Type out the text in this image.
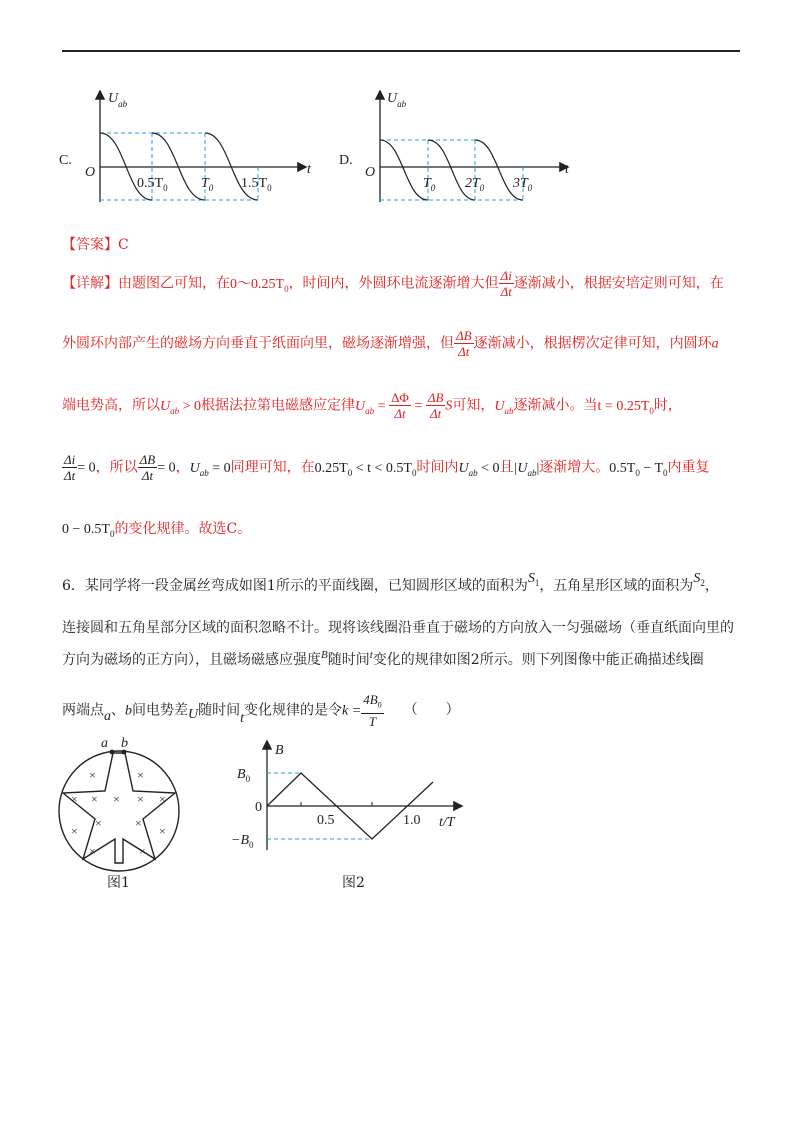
C.
$U_{ab}$
O	t
$0.5T_0$ $T_0$ $1.5T_0$
D.
$U_{ab}$
O	t
$T_0$ $2T_0$ $3T_0$
【答案】C
【详解】由题图乙可知，在$0\sim 0.25T_0$，时间内，外圆环电流逐渐增大但 $\frac{\Delta i}{\Delta t}$ 逐渐减小，根据安培定则可知，在
外圆环内部产生的磁场方向垂直于纸面向里，磁场逐渐增强，但 $\frac{\Delta B}{\Delta t}$ 逐渐减小，根据楞次定律可知，内圆环a
端电势高，所以$U_{ab} > 0$根据法拉第电磁感应定律$U_{ab} = \frac{\Delta\Phi}{\Delta t} = \frac{\Delta B}{\Delta t}$ S可知，$U_{ab}$逐渐减小。当$t = 0.25T_0$时，
$\frac{\Delta i}{\Delta t} = 0$，所以 $\frac{\Delta B}{\Delta t} = 0$，$U_{ab} = 0$同理可知，在$0.25T_0 < t < 0.5T_0$时间内$U_{ab} < 0$且$|U_{ab}|$逐渐增大。$0.5T_0 - T_0$内重复
$0 - 0.5T_0$的变化规律。故选C。
6．某同学将一段金属丝弯成如图1所示的平面线圈，已知圆形区域的面积为$S_1$，五角星形区域的面积为$S_2$，
连接圆和五角星部分区域的面积忽略不计。现将该线圈沿垂直于磁场的方向放入一匀强磁场（垂直纸面向里的
方向为磁场的正方向），且磁场磁感应强度$^B$随时间$^t$变化的规律如图2所示。则下列图像中能正确描述线圈
两端点a、b间电势差U随时间t变化规律的是令$k = \frac{4B_0}{T}$ （　　）
a b
×	×
× × × × ×
×	×
×	×
×	×
图1
B
$B_0$
0
$-B_0$
0.5	1.0 t/T
图2
